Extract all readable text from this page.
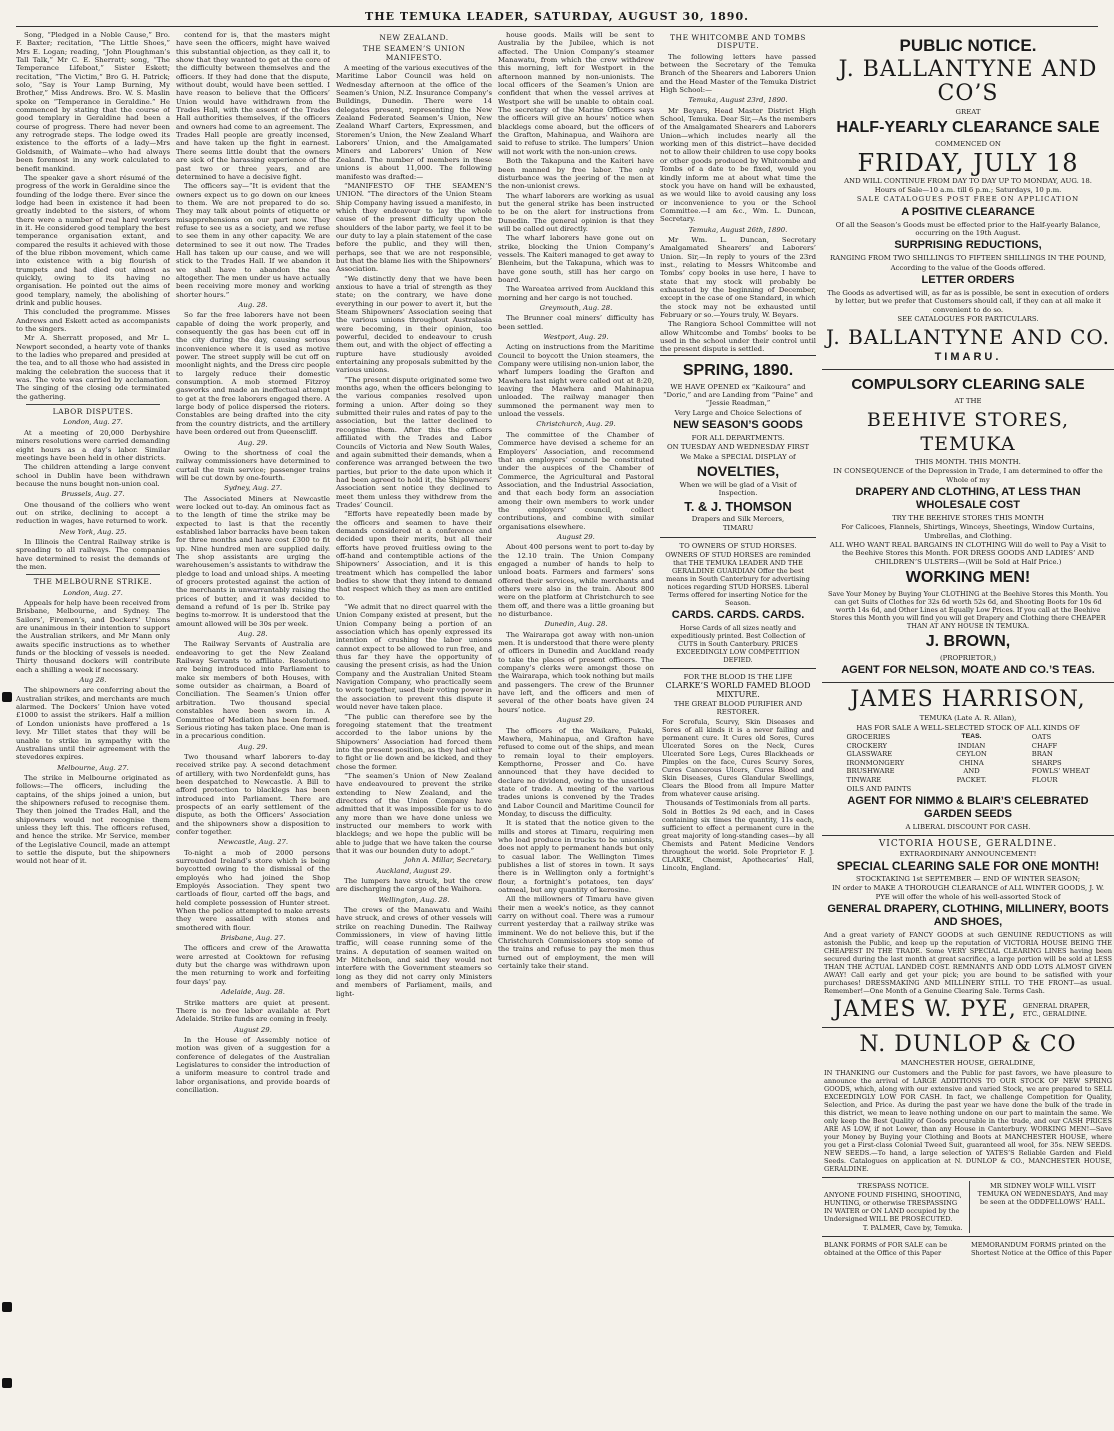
THE TEMUKA LEADER, SATURDAY, AUGUST 30, 1890.

Song, “Pledged in a Noble Cause,” Bro. F. Baxter; recitation, “The Little Shoes,” Mrs E. Logan; reading, “John Ploughman’s Tall Talk,” Mr C. E. Sherratt; song, “The Temperance Lifeboat,” Sister Eskett; recitation, “The Victim,” Bro G. H. Patrick; solo, “Say is Your Lamp Burning, My Brother,” Miss Andrews. Bro. W. S. Maslin spoke on “Temperance in Geraldine.” He commenced by stating that the course of good templary in Geraldine had been a course of progress. There had never been any retrograde steps. The lodge owed its existence to the efforts of a lady—Mrs Goldsmith, of Waimate—who had always been foremost in any work calculated to benefit mankind.

The speaker gave a short résumé of the progress of the work in Geraldine since the founding of the lodge there. Ever since the lodge had been in existence it had been greatly indebted to the sisters, of whom there were a number of real hard workers in it. He considered good templary the best temperance organisation extant, and compared the results it achieved with those of the blue ribbon movement, which came into existence with a big flourish of trumpets and had died out almost as quickly, owing to its having no organisation. He pointed out the aims of good templary, namely, the abolishing of drink and public houses.

This concluded the programme. Misses Andrews and Eskett acted as accompanists to the singers.

Mr A. Sherratt proposed, and Mr L. Newport seconded, a hearty vote of thanks to the ladies who prepared and presided at the tea, and to all those who had assisted in making the celebration the success that it was. The vote was carried by acclamation. The singing of the closing ode terminated the gathering.

LABOR DISPUTES.
London, Aug. 27.

At a meeting of 20,000 Derbyshire miners resolutions were carried demanding eight hours as a day’s labor. Similar meetings have been held in other districts.

The children attending a large convent school in Dublin have been withdrawn because the nuns bought non-union coal.

Brussels, Aug. 27.

One thousand of the colliers who went out on strike, declining to accept a reduction in wages, have returned to work.

New York, Aug. 25.

In Illinois the Central Railway strike is spreading to all railways. The companies have determined to resist the demands of the men.

THE MELBOURNE STRIKE.
London, Aug. 27.

Appeals for help have been received from Brisbane, Melbourne, and Sydney. The Sailors’, Firemen’s, and Dockers’ Unions are unanimous in their intention to support the Australian strikers, and Mr Mann only awaits specific instructions as to whether funds or the blocking of vessels is needed. Thirty thousand dockers will contribute each a shilling a week if necessary.

Aug 28.

The shipowners are conferring about the Australian strikes, and merchants are much alarmed. The Dockers’ Union have voted £1000 to assist the strikers. Half a million of London unionists have proffered a 1s levy. Mr Tillet states that they will be unable to strike in sympathy with the Australians until their agreement with the stevedores expires.

Melbourne, Aug. 27.

The strike in Melbourne originated as follows:—The officers, including the captains, of the ships joined a union, but the shipowners refused to recognise them. They then joined the Trades Hall, and the shipowners would not recognise them unless they left this. The officers refused, and hence the strike. Mr Service, member of the Legislative Council, made an attempt to settle the dispute, but the shipowners would not hear of it.

contend for is, that the masters might have seen the officers, might have waived this substantial objection, as they call it, to show that they wanted to get at the core of the difficulty between themselves and the officers. If they had done that the dispute, without doubt, would have been settled. I have reason to believe that the Officers’ Union would have withdrawn from the Trades Hall, with the assent of the Trades Hall authorities themselves, if the officers and owners had come to an agreement. The Trades Hall people are greatly incensed, and have taken up the fight in earnest. There seems little doubt that the owners are sick of the harassing experience of the past two or three years, and are determined to have a decisive fight.

The officers say—“It is evident that the owners expect us to go down on our knees to them. We are not prepared to do so. They may talk about points of etiquette or misapprehensions on our part now. They refuse to see us as a society, and we refuse to see them in any other capacity. We are determined to see it out now. The Trades Hall has taken up our cause, and we will stick to the Trades Hall. If we abandon it we shall have to abandon the sea altogether. The men under us have actually been receiving more money and working shorter hours.”

Aug. 28.

So far the free laborers have not been capable of doing the work properly, and consequently the gas has been cut off in the city during the day, causing serious inconvenience where it is used as motive power. The street supply will be cut off on moonlight nights, and the Dress circ people to largely reduce their domestic consumption. A mob stormed Fitzroy gasworks and made an ineffectual attempt to get at the free laborers engaged there. A large body of police dispersed the rioters. Constables are being drafted into the city from the country districts, and the artillery have been ordered out from Queenscliff.

Aug. 29.

Owing to the shortness of coal the railway commissioners have determined to curtail the train service; passenger trains will be cut down by one-fourth.

Sydney, Aug. 27.

The Associated Miners at Newcastle were locked out to-day. An ominous fact as to the length of time the strike may be expected to last is that the recently established labor barracks have been taken for three months and have cost £300 to fit up. Nine hundred men are supplied daily. The shop assistants are urging the warehousemen’s assistants to withdraw the pledge to load and unload ships. A meeting of grocers protested against the action of the merchants in unwarrantably raising the prices of butter, and it was decided to demand a refund of 1s per lb. Strike pay begins to-morrow. It is understood that the amount allowed will be 30s per week.

Aug. 28.

The Railway Servants of Australia are endeavoring to get the New Zealand Railway Servants to affiliate. Resolutions are being introduced into Parliament to make six members of both Houses, with some outsider as chairman, a Board of Conciliation. The Seamen’s Union offer arbitration. Two thousand special constables have been sworn in. A Committee of Mediation has been formed. Serious rioting has taken place. One man is in a precarious condition.

Aug. 29.

Two thousand wharf laborers to-day received strike pay. A second detachment of artillery, with two Nordenfeldt guns, has been despatched to Newcastle. A Bill to afford protection to blacklegs has been introduced into Parliament. There are prospects of an early settlement of the dispute, as both the Officers’ Association and the shipowners show a disposition to confer together.

Newcastle, Aug. 27.

To-night a mob of 2000 persons surrounded Ireland’s store which is being boycotted owing to the dismissal of the employés who had joined the Shop Employés Association. They spent two cartloads of flour, carted off the bags, and held complete possession of Hunter street. When the police attempted to make arrests they were assailed with stones and smothered with flour.

Brisbane, Aug. 27.

The officers and crew of the Arawatta were arrested at Cooktown for refusing duty but the charge was withdrawn upon the men returning to work and forfeiting four days’ pay.

Adelaide, Aug. 28.

Strike matters are quiet at present. There is no free labor available at Port Adelaide. Strike funds are coming in freely.

August 29.

In the House of Assembly notice of motion was given of a suggestion for a conference of delegates of the Australian Legislatures to consider the introduction of a uniform measure to control trade and labor organisations, and provide boards of conciliation.

NEW ZEALAND.
THE SEAMEN’S UNION MANIFESTO.

A meeting of the various executives of the Maritime Labor Council was held on Wednesday afternoon at the office of the Seamen’s Union, N.Z. Insurance Company’s Buildings, Dunedin. There were 14 delegates present, representing the New Zealand Federated Seamen’s Union, New Zealand Wharf Carters, Expressmen, and Storemen’s Union, the New Zealand Wharf Laborers’ Union, and the Amalgamated Miners and Laborers’ Union of New Zealand. The number of members in these unions is about 11,000. The following manifesto was drafted:—

“MANIFESTO OF THE SEAMEN’S UNION. “The directors of the Union Steam Ship Company having issued a manifesto, in which they endeavour to lay the whole cause of the present difficulty upon the shoulders of the labor party, we feel it to be our duty to lay a plain statement of the case before the public, and they will then, perhaps, see that we are not responsible, but that the blame lies with the Shipowners’ Association.

“We distinctly deny that we have been anxious to have a trial of strength as they state; on the contrary, we have done everything in our power to avert it, but the Steam Shipowners’ Association seeing that the various unions throughout Australasia were becoming, in their opinion, too powerful, decided to endeavour to crush them out, and with the object of effecting a rupture have studiously avoided entertaining any proposals submitted by the various unions.

“The present dispute originated some two months ago, when the officers belonging to the various companies resolved upon forming a union. After doing so they submitted their rules and rates of pay to the association, but the latter declined to recognise them. After this the officers affiliated with the Trades and Labor Councils of Victoria and New South Wales, and again submitted their demands, when a conference was arranged between the two parties, but prior to the date upon which it had been agreed to hold it, the Shipowners’ Association sent notice they declined to meet them unless they withdrew from the Trades’ Council.

“Efforts have repeatedly been made by the officers and seamen to have their demands considered at a conference and decided upon their merits, but all their efforts have proved fruitless owing to the off-hand and contemptible actions of the Shipowners’ Association, and it is this treatment which has compelled the labor bodies to show that they intend to demand that respect which they as men are entitled to.

“We admit that no direct quarrel with the Union Company existed at present, but the Union Company being a portion of an association which has openly expressed its intention of crushing the labor unions cannot expect to be allowed to run free, and thus far they have the opportunity of causing the present crisis, as had the Union Company and the Australian United Steam Navigation Company, who practically seem to work together, used their voting power in the association to prevent this dispute it would never have taken place.

“The public can therefore see by the foregoing statement that the treatment accorded to the labor unions by the Shipowners’ Association had forced them into the present position, as they had either to fight or lie down and be kicked, and they chose the former.

“The seamen’s Union of New Zealand have endeavoured to prevent the strike extending to New Zealand, and the directors of the Union Company have admitted that it was impossible for us to do any more than we have done unless we instructed our members to work with blacklegs; and we hope the public will be able to judge that we have taken the course that it was our bounden duty to adopt.”

John A. Millar, Secretary.
Auckland, August 29.

The lumpers have struck, but the crew are discharging the cargo of the Waihora.

Wellington, Aug. 28.

The crews of the Manawatu and Waihi have struck, and crews of other vessels will strike on reaching Dunedin. The Railway Commissioners, in view of having little traffic, will cease running some of the trains. A deputation of seamen waited on Mr Mitchelson, and said they would not interfere with the Government steamers so long as they did not carry only Ministers and members of Parliament, mails, and light-

house goods. Mails will be sent to Australia by the Jubilee, which is not affected. The Union Company’s steamer Manawatu, from which the crew withdrew this morning, left for Westport in the afternoon manned by non-unionists. The local officers of the Seamen’s Union are confident that when the vessel arrives at Westport she will be unable to obtain coal. The secretary of the Marine Officers says the officers will give an hours’ notice when blacklegs come aboard, but the officers of the Grafton, Mahinapua, and Waihora are said to refuse to strike. The lumpers’ Union will not work with the non-union crews.

Both the Takapuna and the Kaiteri have been manned by free labor. The only disturbance was the jeering of the men at the non-unionist crews.

The wharf laborers are working as usual but the general strike has been instructed to be on the alert for instructions from Dunedin. The general opinion is that they will be called out directly.

The wharf laborers have gone out on strike, blocking the Union Company’s vessels. The Kaiteri managed to get away to Blenheim, but the Takapuna, which was to have gone south, still has her cargo on board.

The Wareatea arrived from Auckland this morning and her cargo is not touched.

Greymouth, Aug. 28.

The Brunner coal miners’ difficulty has been settled.

Westport, Aug. 29.

Acting on instructions from the Maritime Council to boycott the Union steamers, the Company were utilising non-union labor, the wharf lumpers loading the Grafton and Mawhera last night were called out at 8:20, leaving the Mawhera and Mahinapua unloaded. The railway manager then summoned the permanent way men to unload the vessels.

Christchurch, Aug. 29.

The committee of the Chamber of Commerce have devised a scheme for an Employers’ Association, and recommend that an employers’ council be constituted under the auspices of the Chamber of Commerce, the Agricultural and Pastoral Association, and the Industrial Association, and that each body form an association among their own members to work under the employers’ council, collect contributions, and combine with similar organisations elsewhere.

August 29.

About 400 persons went to port to-day by the 12.10 train. The Union Company engaged a number of hands to help to unload boats. Farmers and farmers’ sons offered their services, while merchants and others were also in the train. About 800 were on the platform at Christchurch to see them off, and there was a little groaning but no disturbance.

Dunedin, Aug. 28.

The Wairarapa got away with non-union men. It is understood that there were plenty of officers in Dunedin and Auckland ready to take the places of present officers. The company’s clerks were amongst those on the Wairarapa, which took nothing but mails and passengers. The crew of the Brunner have left, and the officers and men of several of the other boats have given 24 hours’ notice.

August 29.

The officers of the Waikare, Pukaki, Mawhera, Mahinapua, and Grafton have refused to come out of the ships, and mean to remain loyal to their employers. Kempthorne, Prosser and Co. have announced that they have decided to declare no dividend, owing to the unsettled state of trade. A meeting of the various trades unions is convened by the Trades and Labor Council and Maritime Council for Monday, to discuss the difficulty.

It is stated that the notice given to the mills and stores at Timaru, requiring men who load produce in trucks to be unionists, does not apply to permanent hands but only to casual labor. The Wellington Times publishes a list of stores in town. It says there is in Wellington only a fortnight’s flour, a fortnight’s potatoes, ten days’ oatmeal, but any quantity of kerosine.

All the millowners of Timaru have given their men a week’s notice, as they cannot carry on without coal. There was a rumour current yesterday that a railway strike was imminent. We do not believe this, but if the Christchurch Commissioners stop some of the trains and refuse to pay the men thus turned out of employment, the men will certainly take their stand.

THE WHITCOMBE AND TOMBS DISPUTE.

The following letters have passed between the Secretary of the Temuka Branch of the Shearers and Laborers Union and the Head Master of the Temuka District High School:—

Temuka, August 23rd, 1890.

Mr Beyars, Head Master District High School, Temuka. Dear Sir,—As the members of the Amalgamated Shearers and Laborers Union—which includes nearly all the working men of this district—have decided not to allow their children to use copy books or other goods produced by Whitcombe and Tombs of a date to be fixed, would you kindly inform me at about what time the stock you have on hand will be exhausted, as we would like to avoid causing any loss or inconvenience to you or the School Committee.—I am &c., Wm. L. Duncan, Secretary.

Temuka, August 26th, 1890.

Mr Wm. L. Duncan, Secretary Amalgamated Shearers’ and Laborers’ Union. Sir,—In reply to yours of the 23rd inst., relating to Messrs Whitcombe and Tombs’ copy books in use here, I have to state that my stock will probably be exhausted by the beginning of December, except in the case of one Standard, in which the stock may not be exhausted until February or so.—Yours truly, W. Beyars.

The Rangiora School Committee will not allow Whitcombe and Tombs’ books to be used in the school under their control until the present dispute is settled.

SPRING, 1890.

WE HAVE OPENED ex “Kaikoura” and “Doric,” and are Landing from “Paine” and “Jessie Readman,”

Very Large and Choice Selections of

NEW SEASON’S GOODS

FOR ALL DEPARTMENTS.

ON TUESDAY AND WEDNESDAY FIRST

We Make a SPECIAL DISPLAY of

NOVELTIES,

When we will be glad of a Visit of Inspection.

T. & J. THOMSON

Drapers and Silk Mercers,

TIMARU

TO OWNERS OF STUD HORSES.

OWNERS OF STUD HORSES are reminded that THE TEMUKA LEADER AND THE GERALDINE GUARDIAN Offer the best means in South Canterbury for advertising notices regarding STUD HORSES. Liberal Terms offered for inserting Notice for the Season.

CARDS. CARDS. CARDS.

Horse Cards of all sizes neatly and expeditiously printed. Best Collection of CUTS in South Canterbury. PRICES EXCEEDINGLY LOW COMPETITION DEFIED.

FOR THE BLOOD IS THE LIFE

CLARKE’S WORLD FAMED BLOOD MIXTURE.

THE GREAT BLOOD PURIFIER AND RESTORER.

For Scrofula, Scurvy, Skin Diseases and Sores of all kinds it is a never failing and permanent cure. It Cures old Sores, Cures Ulcerated Sores on the Neck, Cures Ulcerated Sore Legs, Cures Blackheads or Pimples on the face, Cures Scurvy Sores, Cures Cancerous Ulcers, Cures Blood and Skin Diseases, Cures Glandular Swellings, Clears the Blood from all Impure Matter from whatever cause arising.

Thousands of Testimonials from all parts.

Sold in Bottles 2s 9d each, and in Cases containing six times the quantity, 11s each, sufficient to effect a permanent cure in the great majority of long-standing cases—by all Chemists and Patent Medicine Vendors throughout the world. Sole Proprietor F. J. CLARKE, Chemist, Apothecaries’ Hall, Lincoln, England.

PUBLIC NOTICE.
J. BALLANTYNE AND CO’S

GREAT

HALF-YEARLY CLEARANCE SALE

COMMENCED ON

FRIDAY, JULY 18

AND WILL CONTINUE FROM DAY TO DAY UP TO MONDAY, AUG. 18.

Hours of Sale—10 a.m. till 6 p.m.; Saturdays, 10 p.m.

SALE CATALOGUES POST FREE ON APPLICATION

A POSITIVE CLEARANCE

Of all the Season’s Goods must be effected prior to the Half-yearly Balance, occurring on the 19th August.

SURPRISING REDUCTIONS,

RANGING FROM TWO SHILLINGS TO FIFTEEN SHILLINGS IN THE POUND,

According to the value of the Goods offered.

LETTER ORDERS

The Goods as advertised will, as far as is possible, be sent in execution of orders by letter, but we prefer that Customers should call, if they can at all make it convenient to do so.

SEE CATALOGUES FOR PARTICULARS.

J. BALLANTYNE AND CO.
TIMARU.
COMPULSORY CLEARING SALE

AT THE

BEEHIVE STORES, TEMUKA

THIS MONTH. THIS MONTH.

IN CONSEQUENCE of the Depression in Trade, I am determined to offer the Whole of my

DRAPERY AND CLOTHING, AT LESS THAN WHOLESALE COST

TRY THE BEEHIVE STORES THIS MONTH

For Calicoes, Flannels, Shirtings, Winceys, Sheetings, Window Curtains, Umbrellas, and Clothing.

ALL WHO WANT REAL BARGAINS IN CLOTHING Will do well to Pay a Visit to the Beehive Stores this Month. FOR DRESS GOODS AND LADIES’ AND CHILDREN’S ULSTERS—(Will be Sold at Half Price.)

WORKING MEN!

Save Your Money by Buying Your CLOTHING at the Beehive Stores this Month. You can get Suits of Clothes for 32s 6d worth 52s 6d, and Shooting Boots for 10s 6d worth 14s 6d, and Other Lines at Equally Low Prices. If you call at the Beehive Stores this Month you will find you will get Drapery and Clothing there CHEAPER THAN AT ANY HOUSE IN TEMUKA.

J. BROWN,

(PROPRIETOR,)

AGENT FOR NELSON, MOATE AND CO.’S TEAS.
JAMES HARRISON,

TEMUKA (Late A. R. Allan),

HAS FOR SALE A WELL-SELECTED STOCK OF ALL KINDS OF

GROCERIES
CROCKERY
GLASSWARE
IRONMONGERY
BRUSHWARE
TINWARE
OILS AND PAINTS
TEAS.
INDIAN
CEYLON
CHINA
AND
PACKET.
OATS
CHAFF
BRAN
SHARPS
FOWLS’ WHEAT
FLOUR
AGENT FOR NIMMO & BLAIR’S CELEBRATED GARDEN SEEDS

A LIBERAL DISCOUNT FOR CASH.

VICTORIA HOUSE, GERALDINE.

EXTRAORDINARY ANNOUNCEMENT!

SPECIAL CLEARING SALE FOR ONE MONTH!

STOCKTAKING 1st SEPTEMBER — END OF WINTER SEASON;

IN order to MAKE A THOROUGH CLEARANCE of ALL WINTER GOODS, J. W. PYE will offer the whole of his well-assorted Stock of

GENERAL DRAPERY, CLOTHING, MILLINERY, BOOTS AND SHOES,

And a great variety of FANCY GOODS at such GENUINE REDUCTIONS as will astonish the Public, and keep up the reputation of VICTORIA HOUSE BEING THE CHEAPEST IN THE TRADE. Some VERY SPECIAL CLEARING LINES having been secured during the last month at great sacrifice, a large portion will be sold at LESS THAN THE ACTUAL LANDED COST. REMNANTS AND ODD LOTS ALMOST GIVEN AWAY! Call early and get your pick; you are bound to be satisfied with your purchases! DRESSMAKING AND MILLINERY STILL TO THE FRONT—as usual. Remember!—One Month of a Genuine Clearing Sale. Terms Cash.

JAMES W. PYE, GENERAL DRAPER, ETC., GERALDINE.
N. DUNLOP & CO

MANCHESTER HOUSE, GERALDINE,

IN THANKING our Customers and the Public for past favors, we have pleasure to announce the arrival of LARGE ADDITIONS TO OUR STOCK OF NEW SPRING GOODS, which, along with our extensive and varied Stock, we are prepared to SELL EXCEEDINGLY LOW FOR CASH. In fact, we challenge Competition for Quality, Selection, and Price. As during the past year we have done the bulk of the trade in this district, we mean to leave nothing undone on our part to maintain the same. We only keep the Best Quality of Goods procurable in the trade, and our CASH PRICES ARE AS LOW, if not Lower, than any House in Canterbury. WORKING MEN!—Save your Money by Buying your Clothing and Boots at MANCHESTER HOUSE, where you get a First-class Colonial Tweed Suit, guaranteed all wool, for 35s. NEW SEEDS. NEW SEEDS.—To hand, a large selection of YATES’S Reliable Garden and Field Seeds. Catalogues on application at N. DUNLOP & CO., MANCHESTER HOUSE, GERALDINE.

TRESPASS NOTICE.

ANYONE FOUND FISHING, SHOOTING, HUNTING, or otherwise TRESPASSING IN WATER or ON LAND occupied by the Undersigned WILL BE PROSECUTED.

T. PALMER, Cave by, Temuka.

MR SIDNEY WOLF WILL VISIT TEMUKA ON WEDNESDAYS, And may be seen at the ODDFELLOWS’ HALL.

BLANK FORMS of FOR SALE can be obtained at the Office of this Paper

MEMORANDUM FORMS printed on the Shortest Notice at the Office of this Paper
